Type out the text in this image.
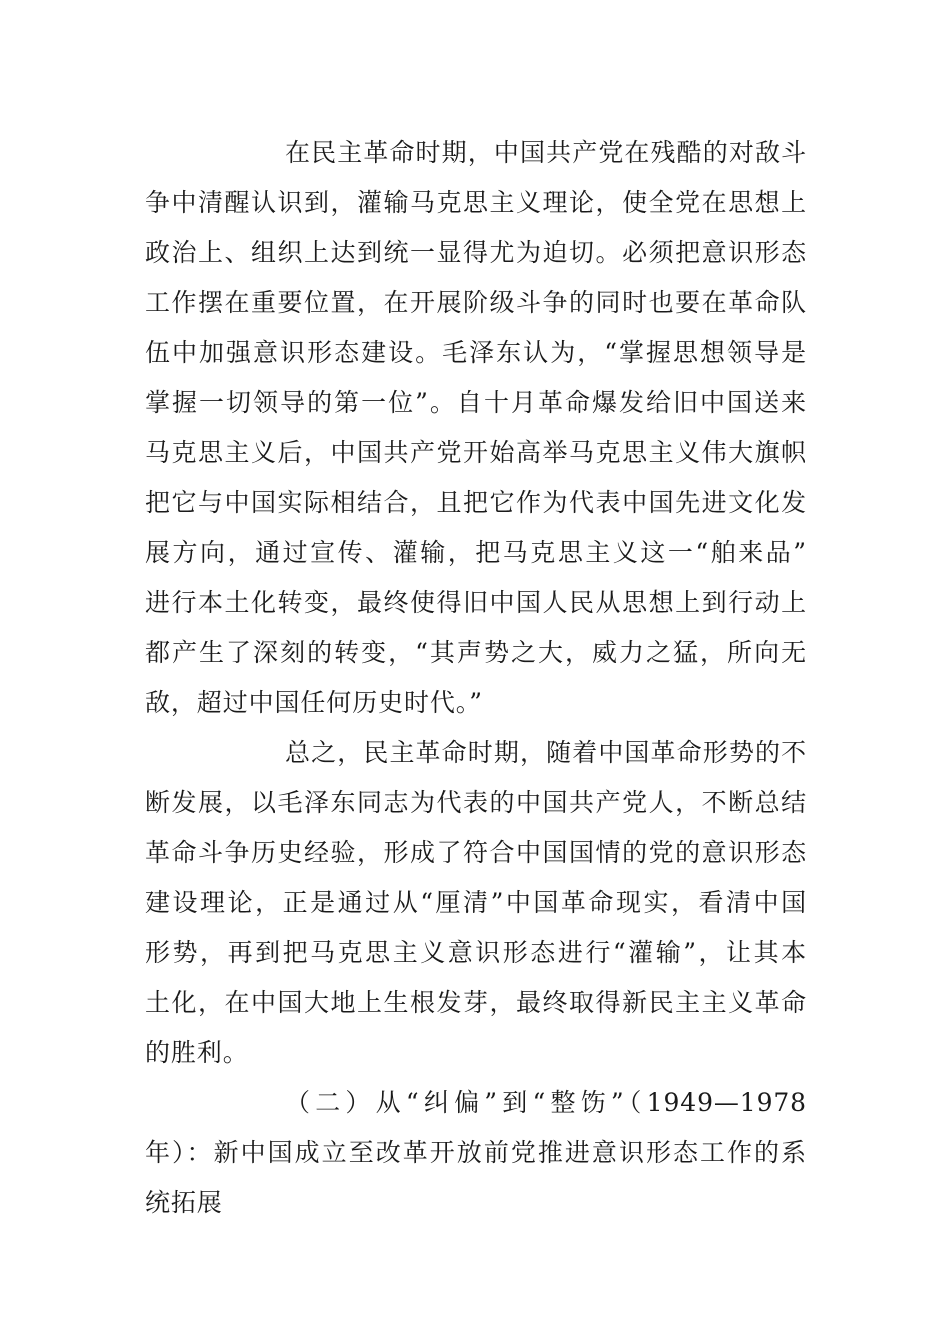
在民主革命时期，中国共产党在残酷的对敌斗
争中清醒认识到，灌输马克思主义理论，使全党在思想上
政治上、组织上达到统一显得尤为迫切。必须把意识形态
工作摆在重要位置，在开展阶级斗争的同时也要在革命队
伍中加强意识形态建设。毛泽东认为，“掌握思想领导是
掌握一切领导的第一位”。自十月革命爆发给旧中国送来
马克思主义后，中国共产党开始高举马克思主义伟大旗帜
把它与中国实际相结合，且把它作为代表中国先进文化发
展方向，通过宣传、灌输，把马克思主义这一“舶来品”
进行本土化转变，最终使得旧中国人民从思想上到行动上
都产生了深刻的转变，“其声势之大，威力之猛，所向无
敌，超过中国任何历史时代。”
总之，民主革命时期，随着中国革命形势的不
断发展，以毛泽东同志为代表的中国共产党人，不断总结
革命斗争历史经验，形成了符合中国国情的党的意识形态
建设理论，正是通过从“厘清”中国革命现实，看清中国
形势，再到把马克思主义意识形态进行“灌输”，让其本
土化，在中国大地上生根发芽，最终取得新民主主义革命
的胜利。
（二）从“纠偏”到“整饬”（1949—1978
年）：新中国成立至改革开放前党推进意识形态工作的系
统拓展
